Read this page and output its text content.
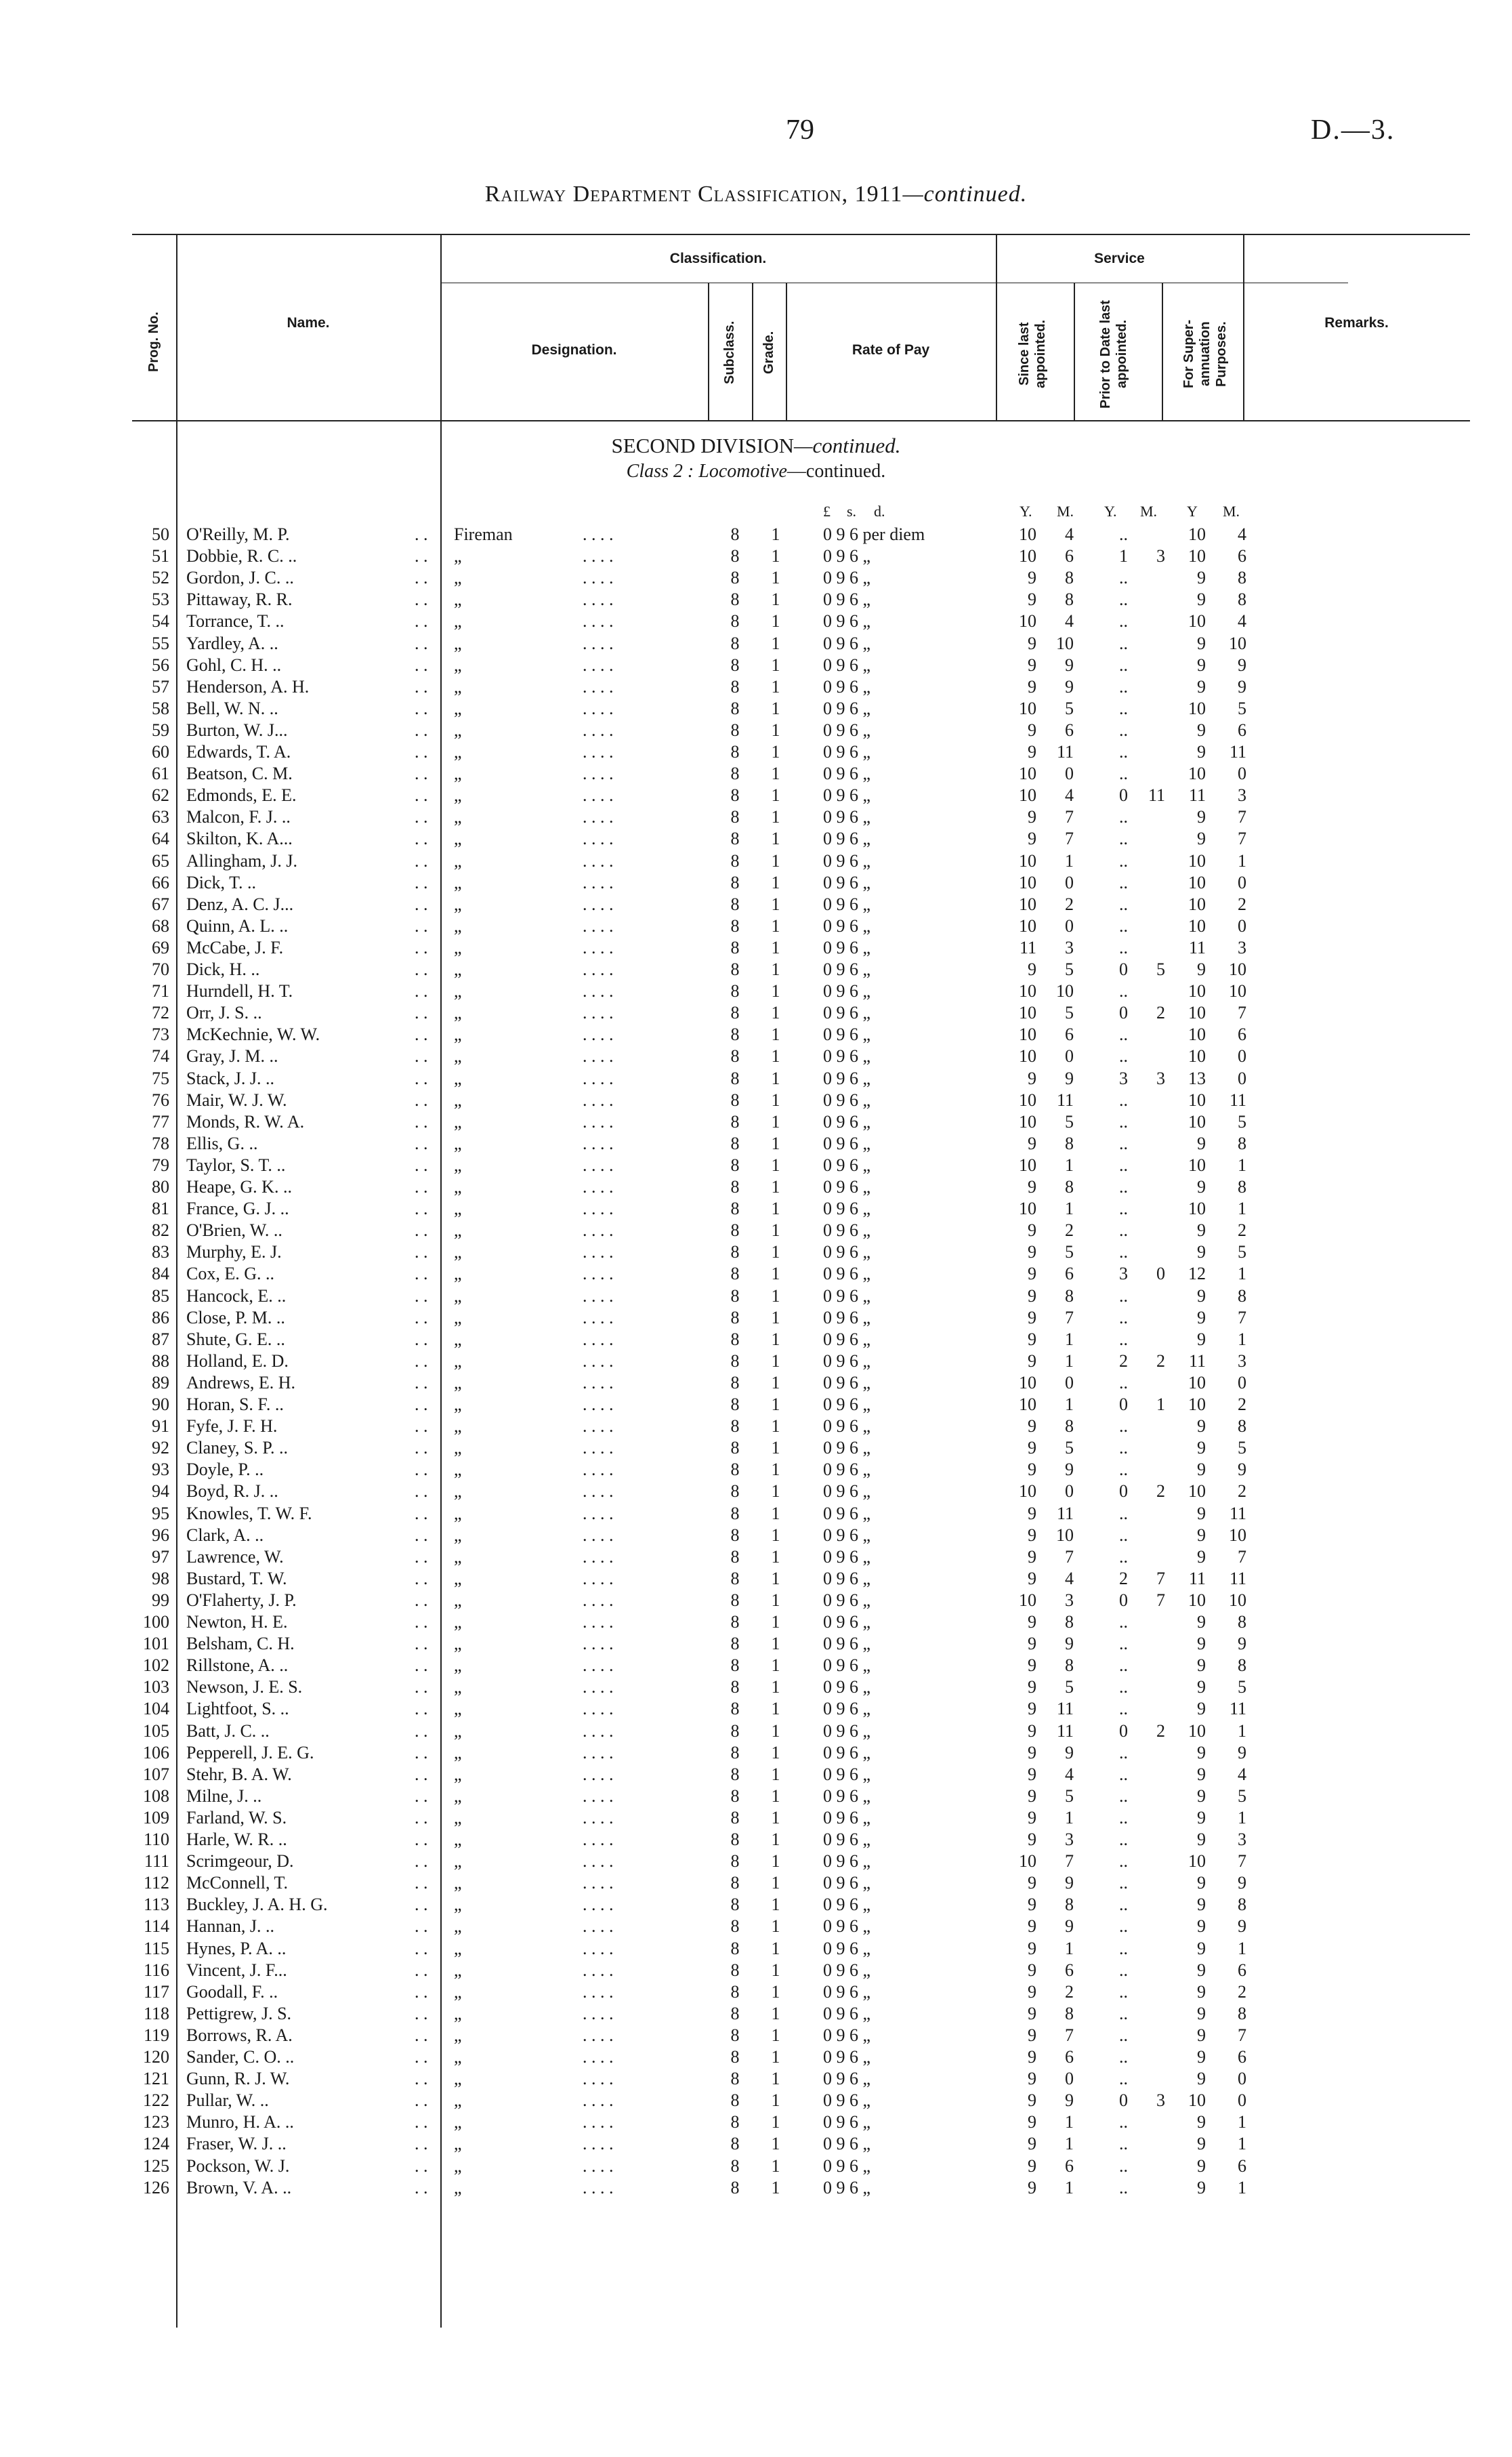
79	D.—3.
Railway Department Classification, 1911—continued.
Prog. No.	Name.
Classification.
Designation.	Subclass. Grade.	Rate of Pay
Service
Since last appointed.	Prior to Date last appointed.	For Super-annuation Purposes.	Remarks.
SECOND DIVISION—continued.
Class 2 : Locomotive—continued.
£ s. d.	Y. M. Y. M. Y M.
50 O'Reilly, M. P.	Fireman	8	1	0 9 6 per diem	10	4	..	10	4
. .	. . . .
51 Dobbie, R. C. ..	„	8	1	0 9 6 „	10	6	1	3	10	6
. .	. . . .
52 Gordon, J. C. ..	„	8	1	0 9 6 „	9	8	..	9	8
. .	. . . .
53 Pittaway, R. R.	„	8	1	0 9 6 „	9	8	..	9	8
. .	. . . .
54 Torrance, T. ..	„	8	1	0 9 6 „	10	4	..	10	4
. .	. . . .
55 Yardley, A. ..	„	8	1	0 9 6 „	9	10	..	9	10
. .	. . . .
56 Gohl, C. H. ..	„	8	1	0 9 6 „	9	9	..	9	9
. .	. . . .
57 Henderson, A. H.	„	8	1	0 9 6 „	9	9	..	9	9
. .	. . . .
58 Bell, W. N. ..	„	8	1	0 9 6 „	10	5	..	10	5
. .	. . . .
59 Burton, W. J...	„	8	1	0 9 6 „	9	6	..	9	6
. .	. . . .
60 Edwards, T. A.	„	8	1	0 9 6 „	9	11	..	9	11
. .	. . . .
61 Beatson, C. M.	„	8	1	0 9 6 „	10	0	..	10	0
. .	. . . .
62 Edmonds, E. E.	„	8	1	0 9 6 „	10	4	0	11	11	3
. .	. . . .
63 Malcon, F. J. ..	„	8	1	0 9 6 „	9	7	..	9	7
. .	. . . .
64 Skilton, K. A...	„	8	1	0 9 6 „	9	7	..	9	7
. .	. . . .
65 Allingham, J. J.	„	8	1	0 9 6 „	10	1	..	10	1
. .	. . . .
66 Dick, T. ..	„	8	1	0 9 6 „	10	0	..	10	0
. .	. . . .
67 Denz, A. C. J...	„	8	1	0 9 6 „	10	2	..	10	2
. .	. . . .
68 Quinn, A. L. ..	„	8	1	0 9 6 „	10	0	..	10	0
. .	. . . .
69 McCabe, J. F.	„	8	1	0 9 6 „	11	3	..	11	3
. .	. . . .
70 Dick, H. ..	„	8	1	0 9 6 „	9	5	0	5	9	10
. .	. . . .
71 Hurndell, H. T.	„	8	1	0 9 6 „	10	10	..	10	10
. .	. . . .
72 Orr, J. S. ..	„	8	1	0 9 6 „	10	5	0	2	10	7
. .	. . . .
73 McKechnie, W. W.	„	8	1	0 9 6 „	10	6	..	10	6
. .	. . . .
74 Gray, J. M. ..	„	8	1	0 9 6 „	10	0	..	10	0
. .	. . . .
75 Stack, J. J. ..	„	8	1	0 9 6 „	9	9	3	3	13	0
. .	. . . .
76 Mair, W. J. W.	„	8	1	0 9 6 „	10	11	..	10	11
. .	. . . .
77 Monds, R. W. A.	„	8	1	0 9 6 „	10	5	..	10	5
. .	. . . .
78 Ellis, G. ..	„	8	1	0 9 6 „	9	8	..	9	8
. .	. . . .
79 Taylor, S. T. ..	„	8	1	0 9 6 „	10	1	..	10	1
. .	. . . .
80 Heape, G. K. ..	„	8	1	0 9 6 „	9	8	..	9	8
. .	. . . .
81 France, G. J. ..	„	8	1	0 9 6 „	10	1	..	10	1
. .	. . . .
82 O'Brien, W. ..	„	8	1	0 9 6 „	9	2	..	9	2
. .	. . . .
83 Murphy, E. J.	„	8	1	0 9 6 „	9	5	..	9	5
. .	. . . .
84 Cox, E. G. ..	„	8	1	0 9 6 „	9	6	3	0	12	1
. .	. . . .
85 Hancock, E. ..	„	8	1	0 9 6 „	9	8	..	9	8
. .	. . . .
86 Close, P. M. ..	„	8	1	0 9 6 „	9	7	..	9	7
. .	. . . .
87 Shute, G. E. ..	„	8	1	0 9 6 „	9	1	..	9	1
. .	. . . .
88 Holland, E. D.	„	8	1	0 9 6 „	9	1	2	2	11	3
. .	. . . .
89 Andrews, E. H.	„	8	1	0 9 6 „	10	0	..	10	0
. .	. . . .
90 Horan, S. F. ..	„	8	1	0 9 6 „	10	1	0	1	10	2
. .	. . . .
91 Fyfe, J. F. H.	„	8	1	0 9 6 „	9	8	..	9	8
. .	. . . .
92 Claney, S. P. ..	„	8	1	0 9 6 „	9	5	..	9	5
. .	. . . .
93 Doyle, P. ..	„	8	1	0 9 6 „	9	9	..	9	9
. .	. . . .
94 Boyd, R. J. ..	„	8	1	0 9 6 „	10	0	0	2	10	2
. .	. . . .
95 Knowles, T. W. F.	„	8	1	0 9 6 „	9	11	..	9	11
. .	. . . .
96 Clark, A. ..	„	8	1	0 9 6 „	9	10	..	9	10
. .	. . . .
97 Lawrence, W.	„	8	1	0 9 6 „	9	7	..	9	7
. .	. . . .
98 Bustard, T. W.	„	8	1	0 9 6 „	9	4	2	7	11	11
. .	. . . .
99 O'Flaherty, J. P.	„	8	1	0 9 6 „	10	3	0	7	10	10
. .	. . . .
100 Newton, H. E.	„	8	1	0 9 6 „	9	8	..	9	8
. .	. . . .
101 Belsham, C. H.	„	8	1	0 9 6 „	9	9	..	9	9
. .	. . . .
102 Rillstone, A. ..	„	8	1	0 9 6 „	9	8	..	9	8
. .	. . . .
103 Newson, J. E. S.	„	8	1	0 9 6 „	9	5	..	9	5
. .	. . . .
104 Lightfoot, S. ..	„	8	1	0 9 6 „	9	11	..	9	11
. .	. . . .
105 Batt, J. C. ..	„	8	1	0 9 6 „	9	11	0	2	10	1
. .	. . . .
106 Pepperell, J. E. G.	„	8	1	0 9 6 „	9	9	..	9	9
. .	. . . .
107 Stehr, B. A. W.	„	8	1	0 9 6 „	9	4	..	9	4
. .	. . . .
108 Milne, J. ..	„	8	1	0 9 6 „	9	5	..	9	5
. .	. . . .
109 Farland, W. S.	„	8	1	0 9 6 „	9	1	..	9	1
. .	. . . .
110 Harle, W. R. ..	„	8	1	0 9 6 „	9	3	..	9	3
. .	. . . .
111 Scrimgeour, D.	„	8	1	0 9 6 „	10	7	..	10	7
. .	. . . .
112 McConnell, T.	„	8	1	0 9 6 „	9	9	..	9	9
. .	. . . .
113 Buckley, J. A. H. G.	„	8	1	0 9 6 „	9	8	..	9	8
. .	. . . .
114 Hannan, J. ..	„	8	1	0 9 6 „	9	9	..	9	9
. .	. . . .
115 Hynes, P. A. ..	„	8	1	0 9 6 „	9	1	..	9	1
. .	. . . .
116 Vincent, J. F...	„	8	1	0 9 6 „	9	6	..	9	6
. .	. . . .
117 Goodall, F. ..	„	8	1	0 9 6 „	9	2	..	9	2
. .	. . . .
118 Pettigrew, J. S.	„	8	1	0 9 6 „	9	8	..	9	8
. .	. . . .
119 Borrows, R. A.	„	8	1	0 9 6 „	9	7	..	9	7
. .	. . . .
120 Sander, C. O. ..	„	8	1	0 9 6 „	9	6	..	9	6
. .	. . . .
121 Gunn, R. J. W.	„	8	1	0 9 6 „	9	0	..	9	0
. .	. . . .
122 Pullar, W. ..	„	8	1	0 9 6 „	9	9	0	3	10	0
. .	. . . .
123 Munro, H. A. ..	„	8	1	0 9 6 „	9	1	..	9	1
. .	. . . .
124 Fraser, W. J. ..	„	8	1	0 9 6 „	9	1	..	9	1
. .	. . . .
125 Pockson, W. J.	„	8	1	0 9 6 „	9	6	..	9	6
. .	. . . .
126 Brown, V. A. ..	„	8	1	0 9 6 „	9	1	..	9	1
. .	. . . .
